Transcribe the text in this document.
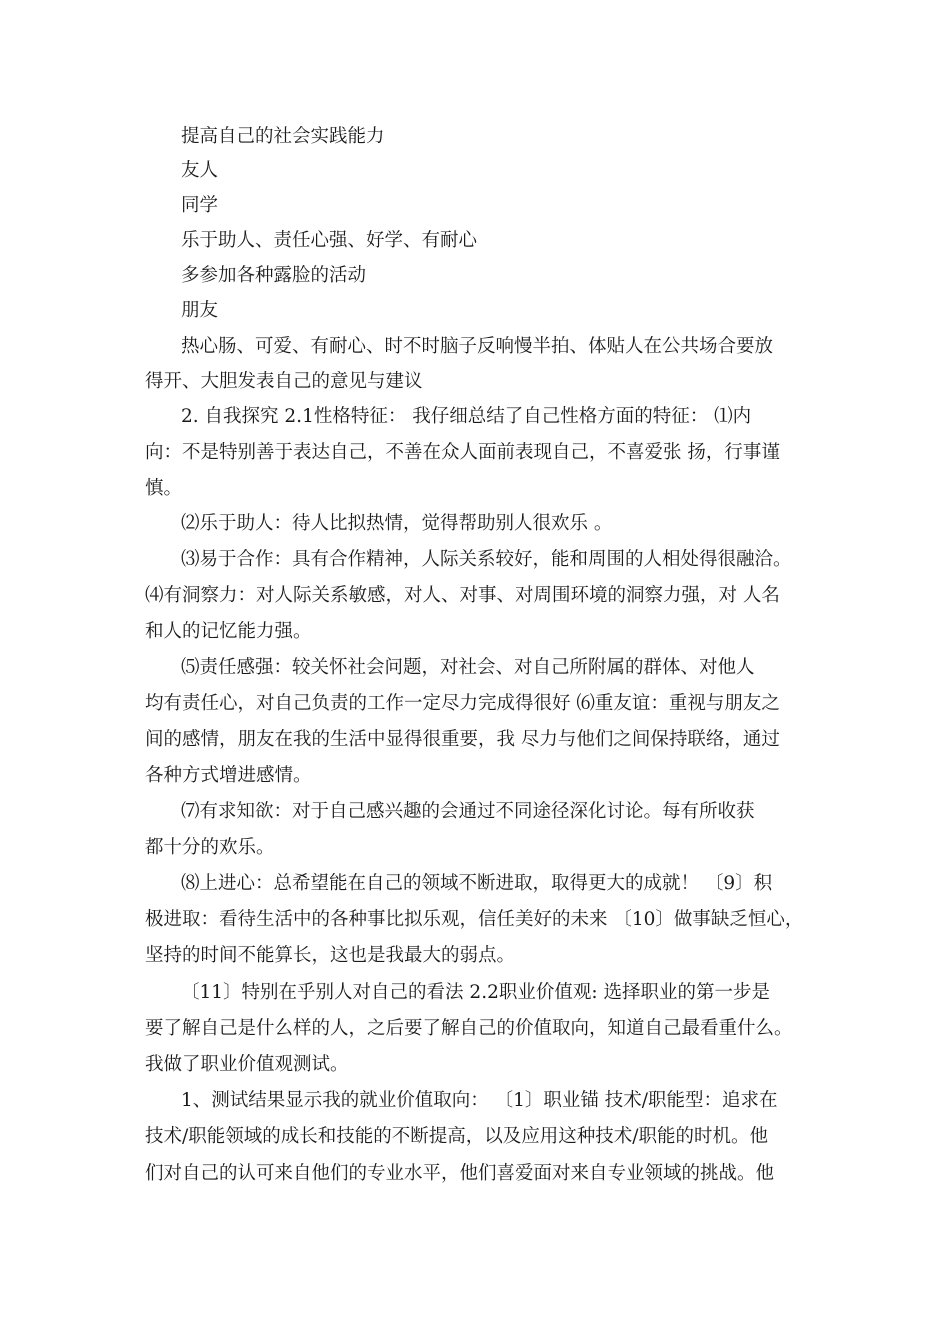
提高自己的社会实践能力
友人
同学
乐于助人、责任心强、好学、有耐心
多参加各种露脸的活动
朋友
热心肠、可爱、有耐心、时不时脑子反响慢半拍、体贴人在公共场合要放
得开、大胆发表自己的意见与建议
2. 自我探究 2.1性格特征： 我仔细总结了自己性格方面的特征： ⑴内
向：不是特别善于表达自己，不善在众人面前表现自己，不喜爱张 扬，行事谨
慎。
⑵乐于助人：待人比拟热情，觉得帮助别人很欢乐 。
⑶易于合作：具有合作精神，人际关系较好，能和周围的人相处得很融洽。
⑷有洞察力：对人际关系敏感，对人、对事、对周围环境的洞察力强，对 人名
和人的记忆能力强。
⑸责任感强：较关怀社会问题，对社会、对自己所附属的群体、对他人
均有责任心，对自己负责的工作一定尽力完成得很好 ⑹重友谊：重视与朋友之
间的感情，朋友在我的生活中显得很重要，我 尽力与他们之间保持联络，通过
各种方式增进感情。
⑺有求知欲：对于自己感兴趣的会通过不同途径深化讨论。每有所收获
都十分的欢乐。
⑻上进心：总希望能在自己的领域不断进取，取得更大的成就！ 〔9〕积
极进取：看待生活中的各种事比拟乐观，信任美好的未来 〔10〕做事缺乏恒心，
坚持的时间不能算长，这也是我最大的弱点。
〔11〕特别在乎别人对自己的看法 2.2职业价值观: 选择职业的第一步是
要了解自己是什么样的人，之后要了解自己的价值取向，知道自己最看重什么。
我做了职业价值观测试。
1、测试结果显示我的就业价值取向： 〔1〕职业锚 技术/职能型：追求在
技术/职能领域的成长和技能的不断提高，以及应用这种技术/职能的时机。他
们对自己的认可来自他们的专业水平，他们喜爱面对来自专业领域的挑战。他
